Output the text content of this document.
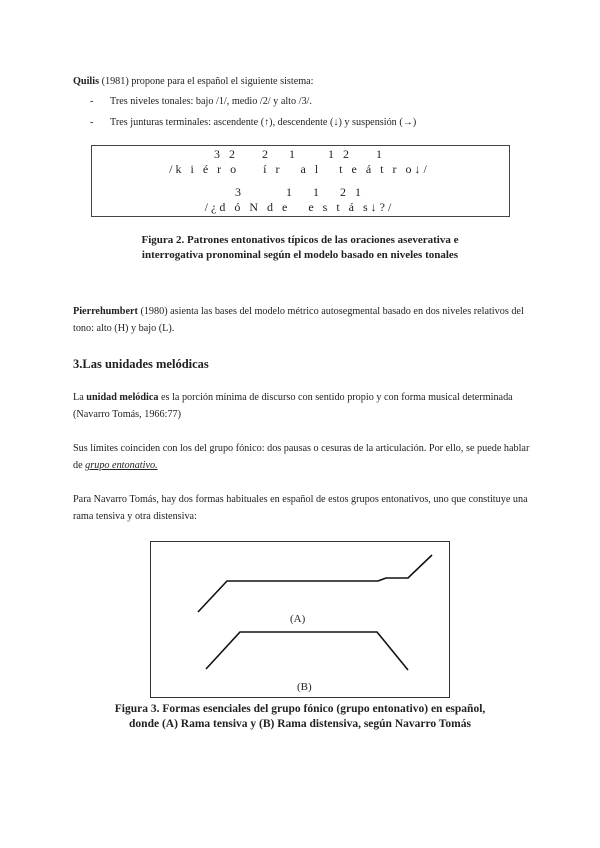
Quilis (1981) propone para el español el siguiente sistema:

- Tres niveles tonales: bajo /1/, medio /2/ y alto /3/.
- Tres junturas terminales: ascendente (↑), descendente (↓) y suspensión (→)
3 2    2   1     1 2    1
/k i é r o    í r   a l   t e á t r o↓/
3       1   1   2 1
/¿d ó N d e   e s t á s↓?/
Figura 2. Patrones entonativos típicos de las oraciones aseverativa e
interrogativa pronominal según el modelo basado en niveles tonales

Pierrehumbert (1980) asienta las bases del modelo métrico autosegmental basado en dos niveles relativos del tono: alto (H) y bajo (L).

3.Las unidades melódicas

La unidad melódica es la porción mínima de discurso con sentido propio y con forma musical determinada (Navarro Tomás, 1966:77)

Sus límites coinciden con los del grupo fónico: dos pausas o cesuras de la articulación. Por ello, se puede hablar de grupo entonativo.

Para Navarro Tomás, hay dos formas habituales en español de estos grupos entonativos, uno que constituye una rama tensiva y otra distensiva:

(A)
(B)
Figura 3. Formas esenciales del grupo fónico (grupo entonativo) en español,
donde (A) Rama tensiva y (B) Rama distensiva, según Navarro Tomás
